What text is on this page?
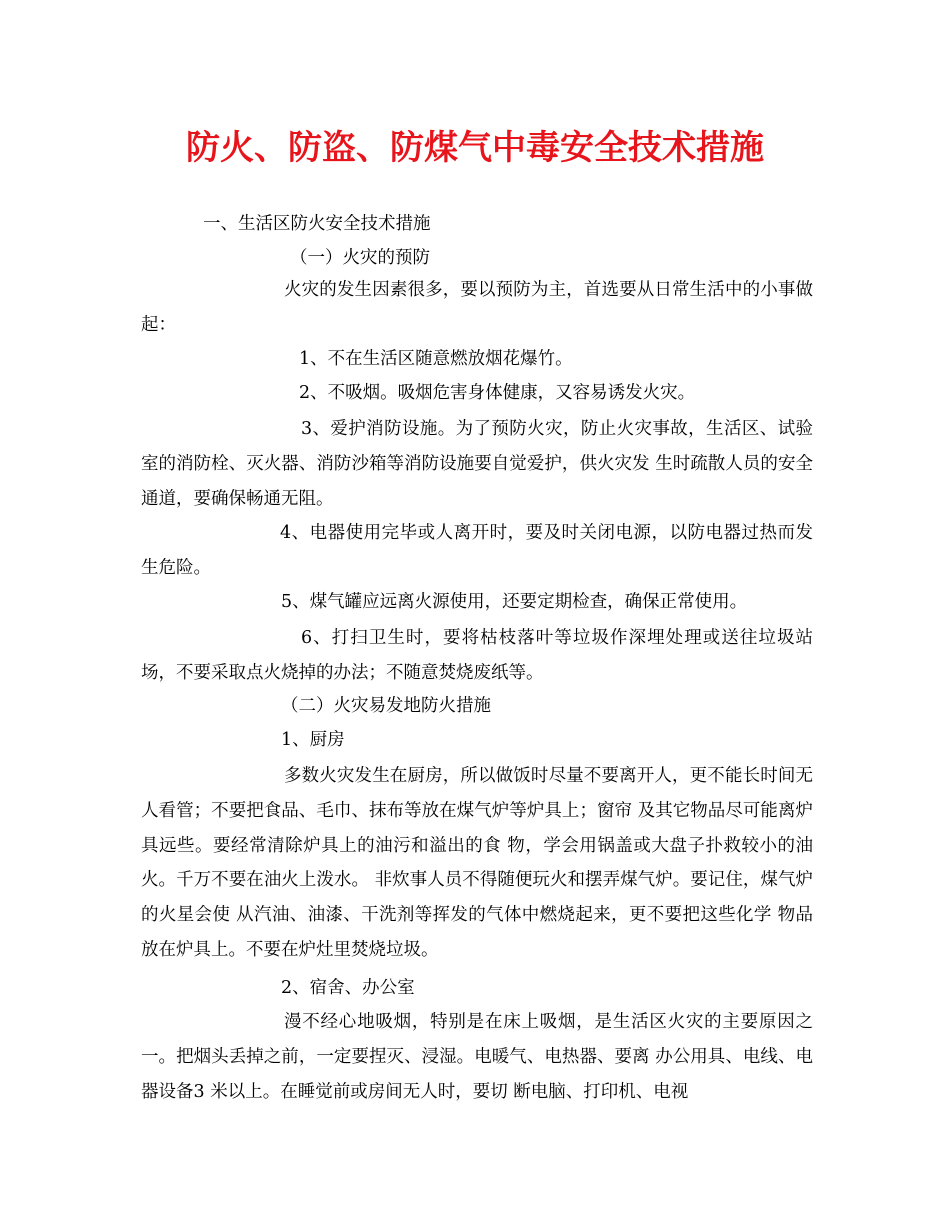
防火、防盗、防煤气中毒安全技术措施
一、生活区防火安全技术措施
（一）火灾的预防
火灾的发生因素很多，要以预防为主，首选要从日常生活中的小事做起：
1、不在生活区随意燃放烟花爆竹。
2、不吸烟。吸烟危害身体健康，又容易诱发火灾。
3、爱护消防设施。为了预防火灾，防止火灾事故，生活区、试验室的消防栓、灭火器、消防沙箱等消防设施要自觉爱护，供火灾发 生时疏散人员的安全通道，要确保畅通无阻。
4、电器使用完毕或人离开时，要及时关闭电源，以防电器过热而发生危险。
5、煤气罐应远离火源使用，还要定期检查，确保正常使用。
6、打扫卫生时，要将枯枝落叶等垃圾作深埋处理或送往垃圾站场，不要采取点火烧掉的办法；不随意焚烧废纸等。
（二）火灾易发地防火措施
1、厨房
多数火灾发生在厨房，所以做饭时尽量不要离开人，更不能长时间无人看管；不要把食品、毛巾、抹布等放在煤气炉等炉具上；窗帘 及其它物品尽可能离炉具远些。要经常清除炉具上的油污和溢出的食 物，学会用锅盖或大盘子扑救较小的油火。千万不要在油火上泼水。 非炊事人员不得随便玩火和摆弄煤气炉。要记住，煤气炉的火星会使 从汽油、油漆、干洗剂等挥发的气体中燃烧起来，更不要把这些化学 物品放在炉具上。不要在炉灶里焚烧垃圾。
2、宿舍、办公室
漫不经心地吸烟，特别是在床上吸烟，是生活区火灾的主要原因之一。把烟头丢掉之前，一定要捏灭、浸湿。电暖气、电热器、要离 办公用具、电线、电器设备3 米以上。在睡觉前或房间无人时，要切 断电脑、打印机、电视
